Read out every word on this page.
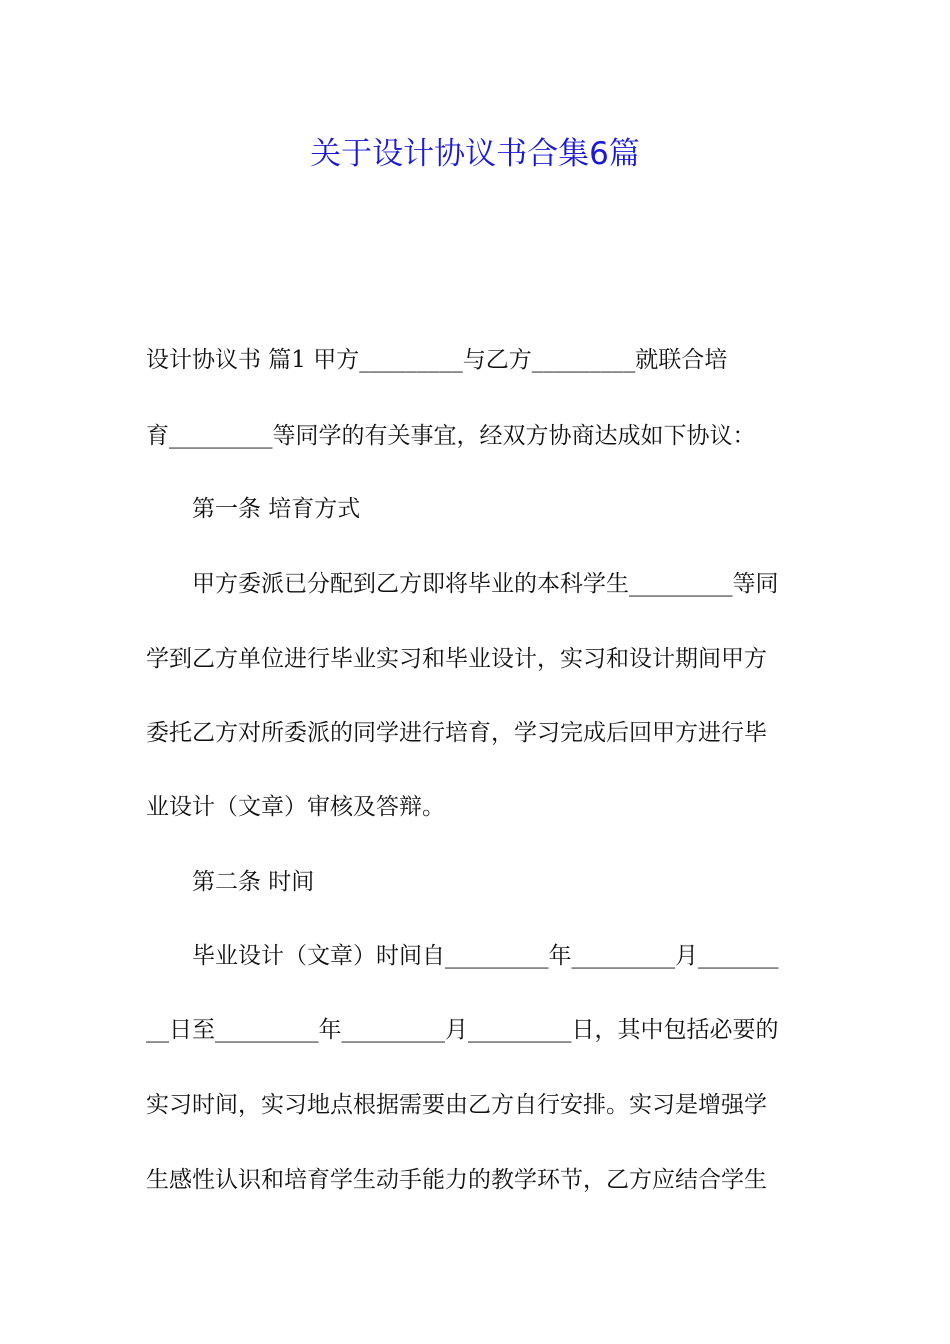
关于设计协议书合集6篇
设计协议书 篇1 甲方_________与乙方_________就联合培
育_________等同学的有关事宜，经双方协商达成如下协议：
第一条 培育方式
甲方委派已分配到乙方即将毕业的本科学生_________等同
学到乙方单位进行毕业实习和毕业设计，实习和设计期间甲方
委托乙方对所委派的同学进行培育，学习完成后回甲方进行毕
业设计（文章）审核及答辩。
第二条 时间
毕业设计（文章）时间自_________年_________月_______
__日至_________年_________月_________日，其中包括必要的
实习时间，实习地点根据需要由乙方自行安排。实习是增强学
生感性认识和培育学生动手能力的教学环节，乙方应结合学生
